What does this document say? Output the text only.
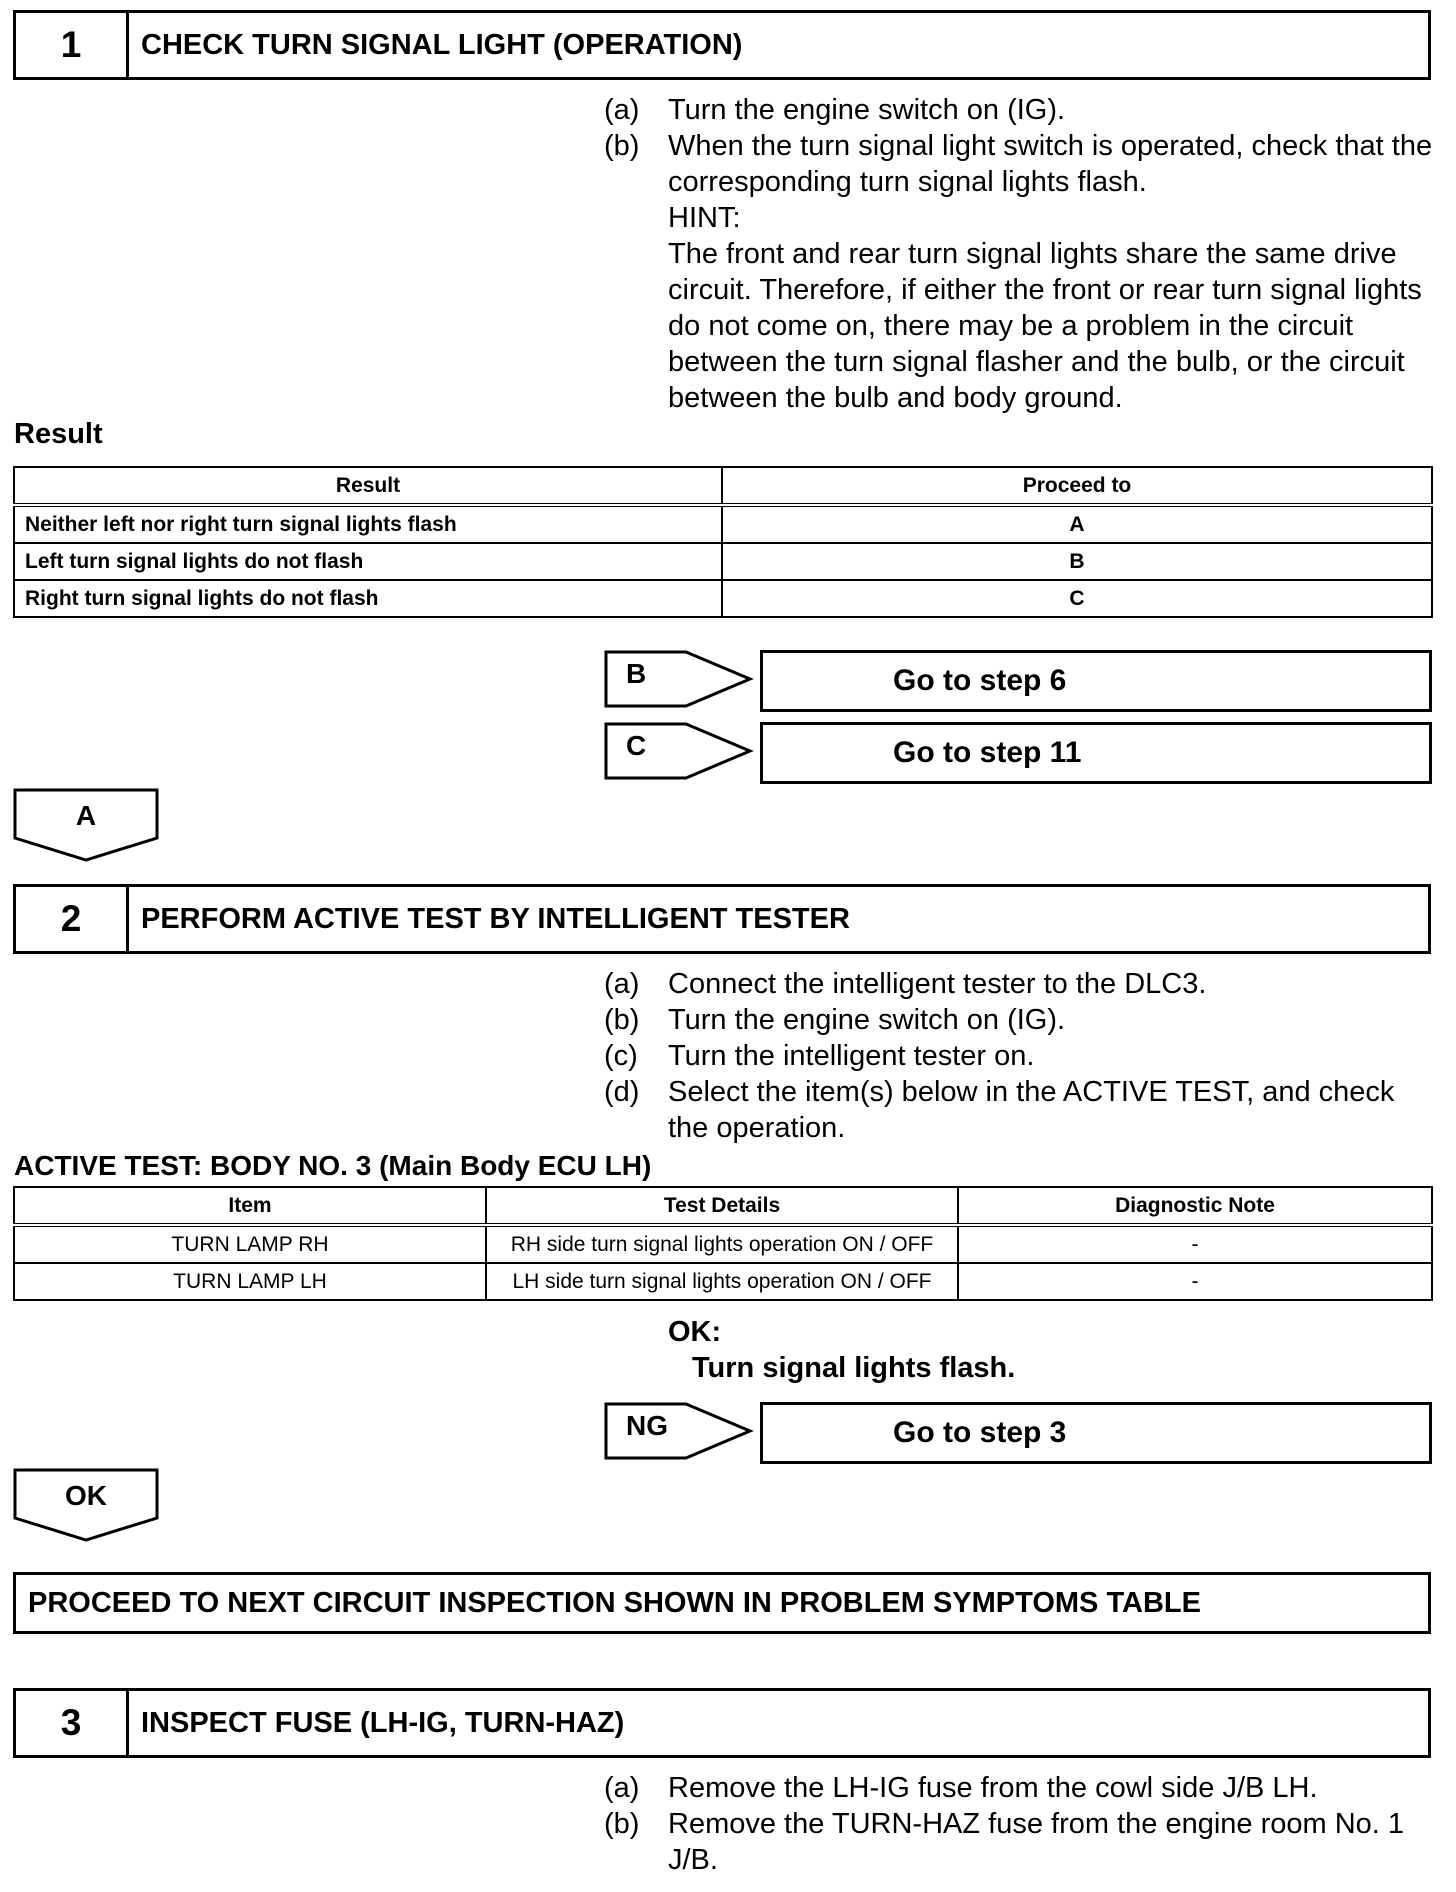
1	CHECK TURN SIGNAL LIGHT (OPERATION)
(a) Turn the engine switch on (IG).
(b) When the turn signal light switch is operated, check that the corresponding turn signal lights flash.
HINT:
The front and rear turn signal lights share the same drive circuit. Therefore, if either the front or rear turn signal lights do not come on, there may be a problem in the circuit between the turn signal flasher and the bulb, or the circuit between the bulb and body ground.
Result
Result	Proceed to
Neither left nor right turn signal lights flash	A
Left turn signal lights do not flash	B
Right turn signal lights do not flash	C
B	Go to step 6
C	Go to step 11
A
2	PERFORM ACTIVE TEST BY INTELLIGENT TESTER
(a) Connect the intelligent tester to the DLC3.
(b) Turn the engine switch on (IG).
(c)	Turn the intelligent tester on.
(d) Select the item(s) below in the ACTIVE TEST, and check the operation.
ACTIVE TEST: BODY NO. 3 (Main Body ECU LH)
Item	Test Details	Diagnostic Note
TURN LAMP RH	RH side turn signal lights operation ON / OFF	-
TURN LAMP LH	LH side turn signal lights operation ON / OFF	-
OK:
Turn signal lights flash.
NG	Go to step 3
OK
PROCEED TO NEXT CIRCUIT INSPECTION SHOWN IN PROBLEM SYMPTOMS TABLE
3	INSPECT FUSE (LH-IG, TURN-HAZ)
(a) Remove the LH-IG fuse from the cowl side J/B LH.
(b) Remove the TURN-HAZ fuse from the engine room No. 1 J/B.
